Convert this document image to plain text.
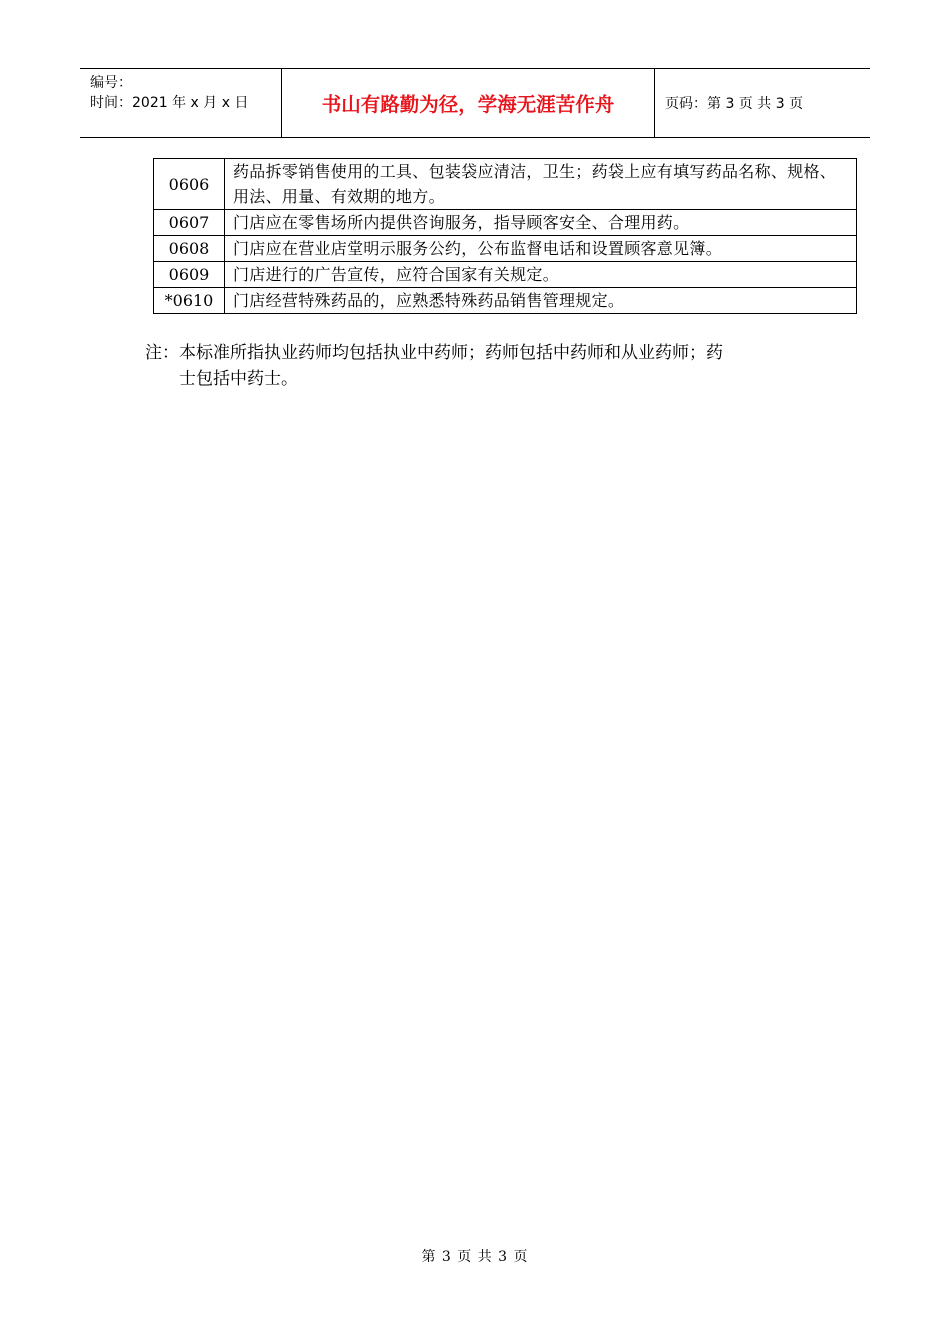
编号：
时间：2021 年 x 月 x 日	书山有路勤为径，学海无涯苦作舟	页码：第 3 页 共 3 页
0606	药品拆零销售使用的工具、包装袋应清洁，卫生；药袋上应有填写药品名称、规格、用法、用量、有效期的地方。
0607	门店应在零售场所内提供咨询服务，指导顾客安全、合理用药。
0608	门店应在营业店堂明示服务公约，公布监督电话和设置顾客意见簿。
0609	门店进行的广告宣传，应符合国家有关规定。
*0610	门店经营特殊药品的，应熟悉特殊药品销售管理规定。
注：本标准所指执业药师均包括执业中药师；药师包括中药师和从业药师；药
士包括中药士。
第 3 页 共 3 页
